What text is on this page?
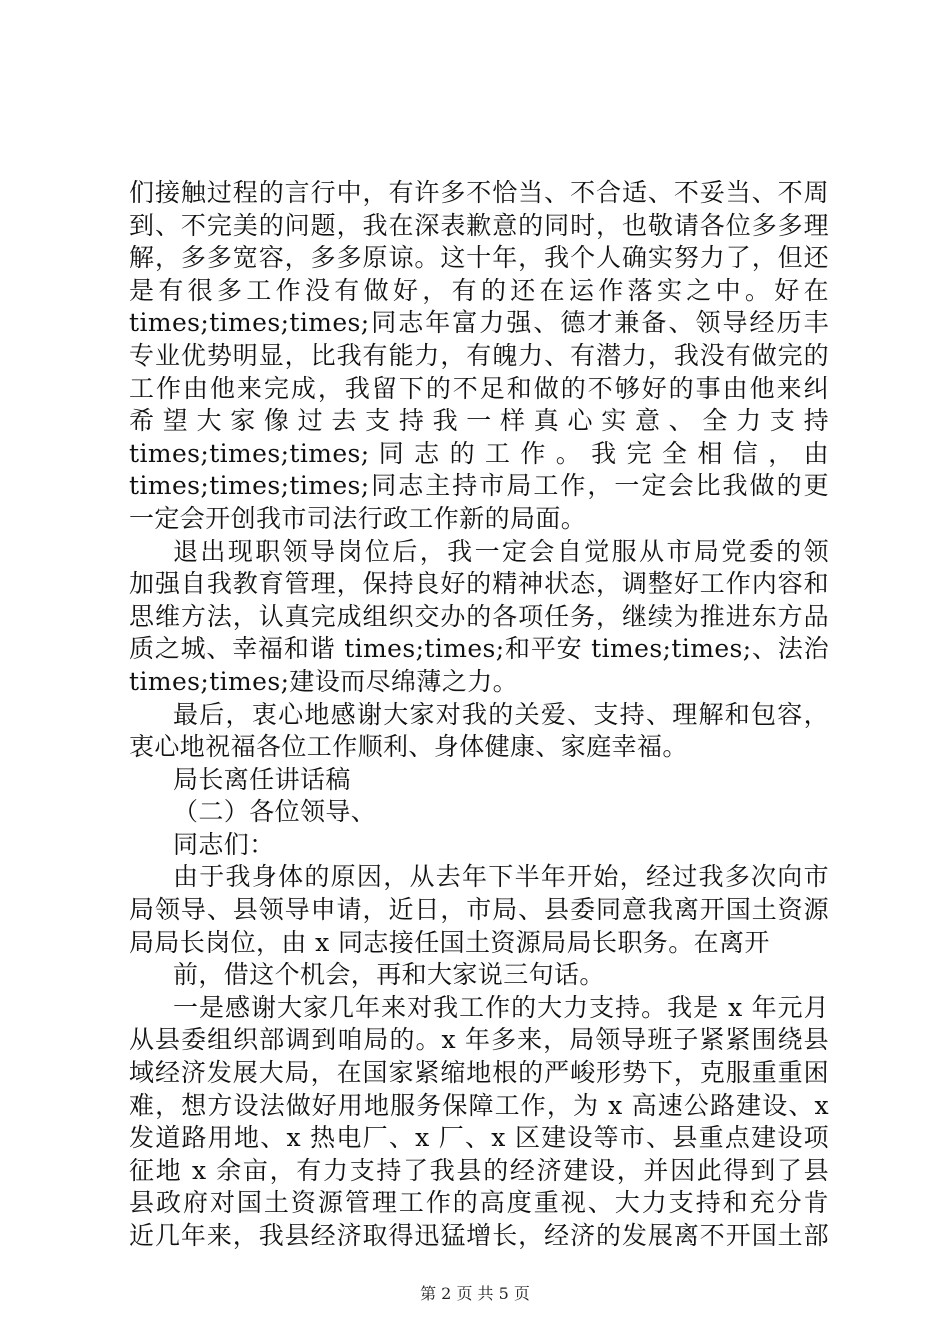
们接触过程的言行中，有许多不恰当、不合适、不妥当、不周
到、不完美的问题，我在深表歉意的同时，也敬请各位多多理
解，多多宽容，多多原谅。这十年，我个人确实努力了，但还
是有很多工作没有做好，有的还在运作落实之中。好在
times;times;times;同志年富力强、德才兼备、领导经历丰
专业优势明显，比我有能力，有魄力、有潜力，我没有做完的
工作由他来完成，我留下的不足和做的不够好的事由他来纠
希望大家像过去支持我一样真心实意、全力支持
times;times;times; 同 志 的 工 作 。 我 完 全 相 信 ， 由
times;times;times;同志主持市局工作，一定会比我做的更
一定会开创我市司法行政工作新的局面。
退出现职领导岗位后，我一定会自觉服从市局党委的领
加强自我教育管理，保持良好的精神状态，调整好工作内容和
思维方法，认真完成组织交办的各项任务，继续为推进东方品
质之城、幸福和谐 times;times;和平安 times;times;、法治
times;times;建设而尽绵薄之力。
最后，衷心地感谢大家对我的关爱、支持、理解和包容，
衷心地祝福各位工作顺利、身体健康、家庭幸福。
局长离任讲话稿
（二）各位领导、
同志们：
由于我身体的原因，从去年下半年开始，经过我多次向市
局领导、县领导申请，近日，市局、县委同意我离开国土资源
局局长岗位，由 x 同志接任国土资源局局长职务。在离开
前，借这个机会，再和大家说三句话。
一是感谢大家几年来对我工作的大力支持。我是 x 年元月
从县委组织部调到咱局的。x 年多来，局领导班子紧紧围绕县
域经济发展大局，在国家紧缩地根的严峻形势下，克服重重困
难，想方设法做好用地服务保障工作，为 x 高速公路建设、x
发道路用地、x 热电厂、x 厂、x 区建设等市、县重点建设项
征地 x 余亩，有力支持了我县的经济建设，并因此得到了县
县政府对国土资源管理工作的高度重视、大力支持和充分肯
近几年来，我县经济取得迅猛增长，经济的发展离不开国土部
第 2 页 共 5 页
